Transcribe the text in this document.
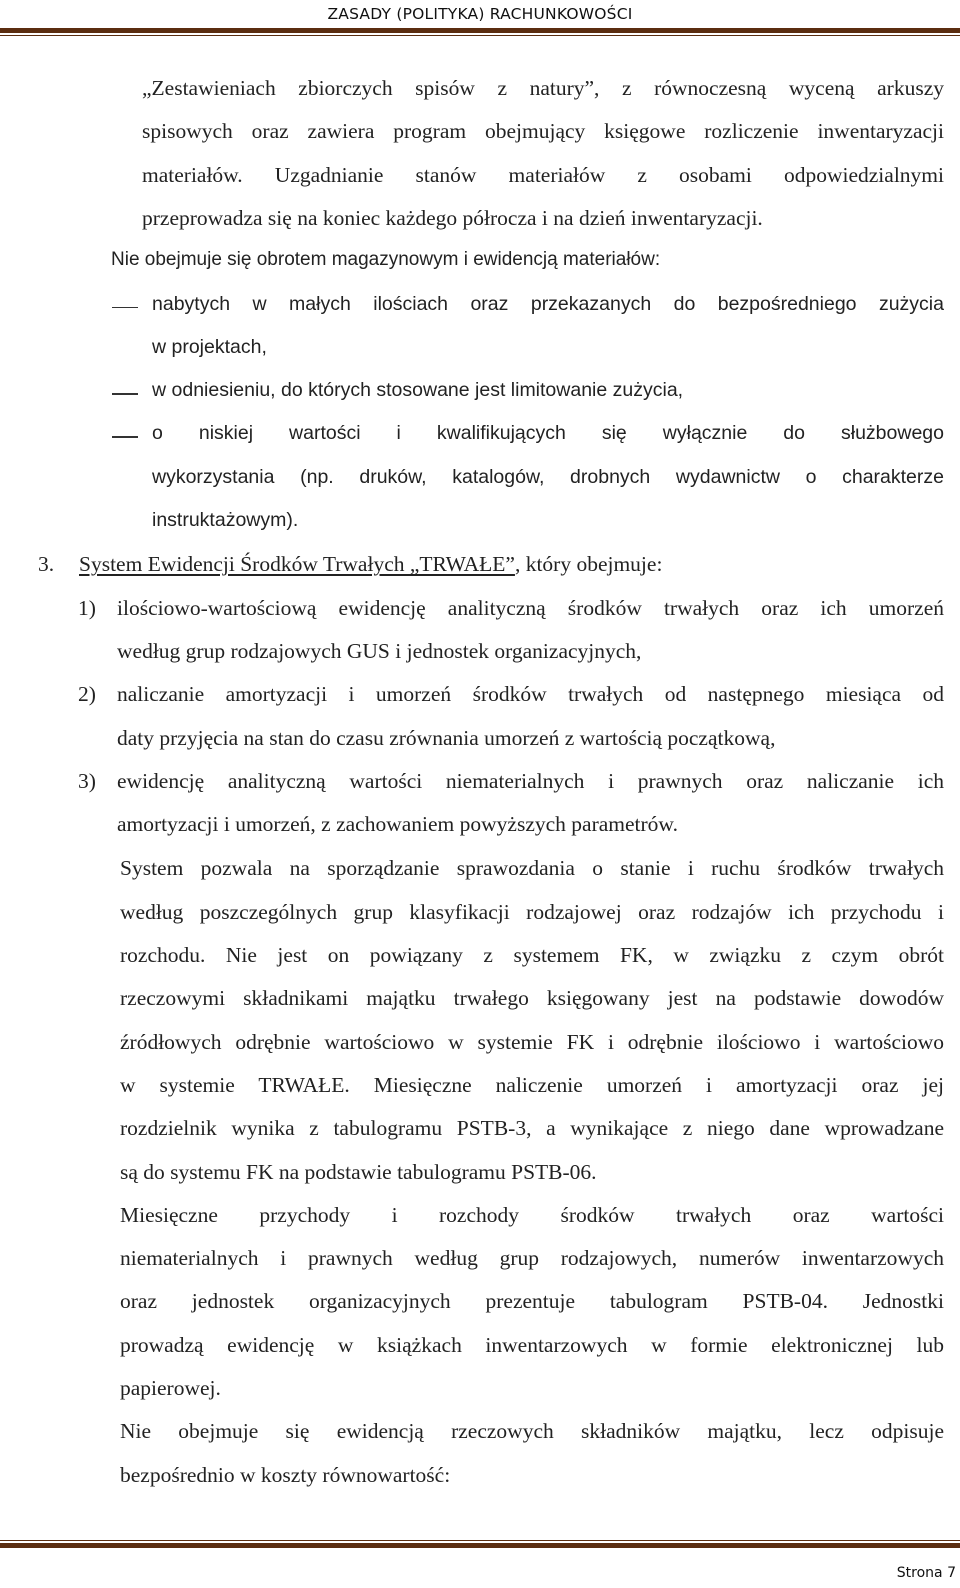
ZASADY (POLITYKA) RACHUNKOWOŚCI
„Zestawieniach zbiorczych spisów z natury”, z równoczesną wyceną arkuszy
spisowych oraz zawiera program obejmujący księgowe rozliczenie inwentaryzacji
materiałów. Uzgadnianie stanów materiałów z osobami odpowiedzialnymi
przeprowadza się na koniec każdego półrocza i na dzień inwentaryzacji.
Nie obejmuje się obrotem magazynowym i ewidencją materiałów:
nabytych w małych ilościach oraz przekazanych do bezpośredniego zużycia
w projektach,
w odniesieniu, do których stosowane jest limitowanie zużycia,
o niskiej wartości i kwalifikujących się wyłącznie do służbowego
wykorzystania (np. druków, katalogów, drobnych wydawnictw o charakterze
instruktażowym).
3. System Ewidencji Środków Trwałych „TRWAŁE”, który obejmuje:
1) ilościowo-wartościową ewidencję analityczną środków trwałych oraz ich umorzeń
według grup rodzajowych GUS i jednostek organizacyjnych,
2) naliczanie amortyzacji i umorzeń środków trwałych od następnego miesiąca od
daty przyjęcia na stan do czasu zrównania umorzeń z wartością początkową,
3) ewidencję analityczną wartości niematerialnych i prawnych oraz naliczanie ich
amortyzacji i umorzeń, z zachowaniem powyższych parametrów.
System pozwala na sporządzanie sprawozdania o stanie i ruchu środków trwałych
według poszczególnych grup klasyfikacji rodzajowej oraz rodzajów ich przychodu i
rozchodu. Nie jest on powiązany z systemem FK, w związku z czym obrót
rzeczowymi składnikami majątku trwałego księgowany jest na podstawie dowodów
źródłowych odrębnie wartościowo w systemie FK i odrębnie ilościowo i wartościowo
w systemie TRWAŁE. Miesięczne naliczenie umorzeń i amortyzacji oraz jej
rozdzielnik wynika z tabulogramu PSTB-3, a wynikające z niego dane wprowadzane
są do systemu FK na podstawie tabulogramu PSTB-06.
Miesięczne przychody i rozchody środków trwałych oraz wartości
niematerialnych i prawnych według grup rodzajowych, numerów inwentarzowych
oraz jednostek organizacyjnych prezentuje tabulogram PSTB-04. Jednostki
prowadzą ewidencję w książkach inwentarzowych w formie elektronicznej lub
papierowej.
Nie obejmuje się ewidencją rzeczowych składników majątku, lecz odpisuje
bezpośrednio w koszty równowartość:
Strona 7
